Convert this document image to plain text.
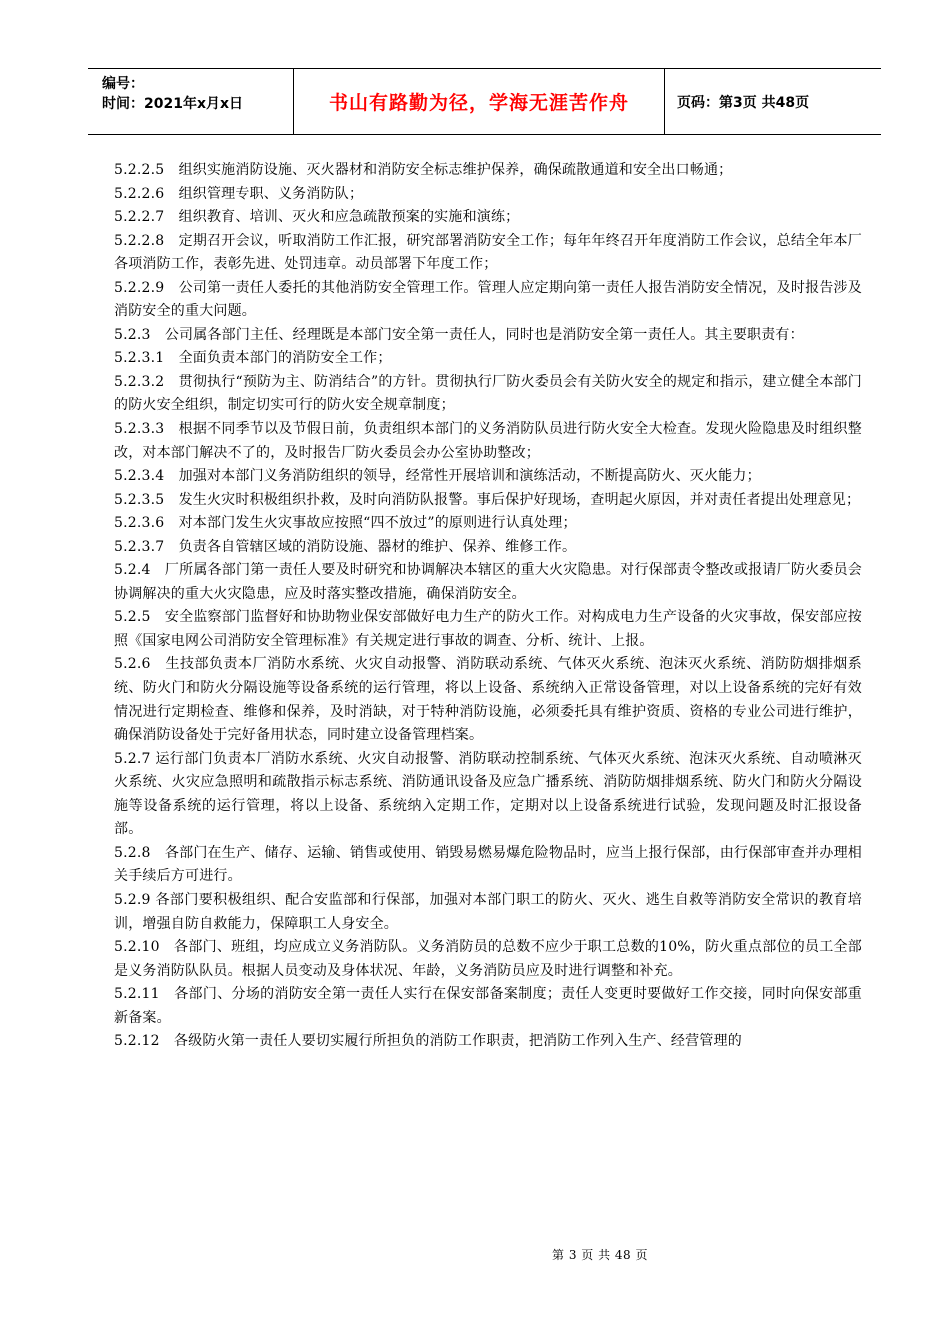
编号：
时间：2021年x月x日	书山有路勤为径，学海无涯苦作舟	页码：第3页 共48页

5.2.2.5　组织实施消防设施、灭火器材和消防安全标志维护保养，确保疏散通道和安全出口畅通；

5.2.2.6　组织管理专职、义务消防队；

5.2.2.7　组织教育、培训、灭火和应急疏散预案的实施和演练；

5.2.2.8　定期召开会议，听取消防工作汇报，研究部署消防安全工作；每年年终召开年度消防工作会议，总结全年本厂各项消防工作，表彰先进、处罚违章。动员部署下年度工作；

5.2.2.9　公司第一责任人委托的其他消防安全管理工作。管理人应定期向第一责任人报告消防安全情况，及时报告涉及消防安全的重大问题。

5.2.3　公司属各部门主任、经理既是本部门安全第一责任人，同时也是消防安全第一责任人。其主要职责有：

5.2.3.1　全面负责本部门的消防安全工作；

5.2.3.2　贯彻执行“预防为主、防消结合”的方针。贯彻执行厂防火委员会有关防火安全的规定和指示，建立健全本部门的防火安全组织，制定切实可行的防火安全规章制度；

5.2.3.3　根据不同季节以及节假日前，负责组织本部门的义务消防队员进行防火安全大检查。发现火险隐患及时组织整改，对本部门解决不了的，及时报告厂防火委员会办公室协助整改；

5.2.3.4　加强对本部门义务消防组织的领导，经常性开展培训和演练活动，不断提高防火、灭火能力；

5.2.3.5　发生火灾时积极组织扑救，及时向消防队报警。事后保护好现场，查明起火原因，并对责任者提出处理意见；

5.2.3.6　对本部门发生火灾事故应按照“四不放过”的原则进行认真处理；

5.2.3.7　负责各自管辖区域的消防设施、器材的维护、保养、维修工作。

5.2.4　厂所属各部门第一责任人要及时研究和协调解决本辖区的重大火灾隐患。对行保部责令整改或报请厂防火委员会协调解决的重大火灾隐患，应及时落实整改措施，确保消防安全。

5.2.5　安全监察部门监督好和协助物业保安部做好电力生产的防火工作。对构成电力生产设备的火灾事故，保安部应按照《国家电网公司消防安全管理标准》有关规定进行事故的调查、分析、统计、上报。

5.2.6　生技部负责本厂消防水系统、火灾自动报警、消防联动系统、气体灭火系统、泡沫灭火系统、消防防烟排烟系统、防火门和防火分隔设施等设备系统的运行管理，将以上设备、系统纳入正常设备管理，对以上设备系统的完好有效情况进行定期检查、维修和保养，及时消缺，对于特种消防设施，必须委托具有维护资质、资格的专业公司进行维护，确保消防设备处于完好备用状态，同时建立设备管理档案。

5.2.7 运行部门负责本厂消防水系统、火灾自动报警、消防联动控制系统、气体灭火系统、泡沫灭火系统、自动喷淋灭火系统、火灾应急照明和疏散指示标志系统、消防通讯设备及应急广播系统、消防防烟排烟系统、防火门和防火分隔设施等设备系统的运行管理，将以上设备、系统纳入定期工作，定期对以上设备系统进行试验，发现问题及时汇报设备部。

5.2.8　各部门在生产、储存、运输、销售或使用、销毁易燃易爆危险物品时，应当上报行保部，由行保部审查并办理相关手续后方可进行。

5.2.9 各部门要积极组织、配合安监部和行保部，加强对本部门职工的防火、灭火、逃生自救等消防安全常识的教育培训，增强自防自救能力，保障职工人身安全。

5.2.10　各部门、班组，均应成立义务消防队。义务消防员的总数不应少于职工总数的10%，防火重点部位的员工全部是义务消防队队员。根据人员变动及身体状况、年龄，义务消防员应及时进行调整和补充。

5.2.11　各部门、分场的消防安全第一责任人实行在保安部备案制度；责任人变更时要做好工作交接，同时向保安部重新备案。

5.2.12　各级防火第一责任人要切实履行所担负的消防工作职责，把消防工作列入生产、经营管理的

第 3 页 共 48 页
